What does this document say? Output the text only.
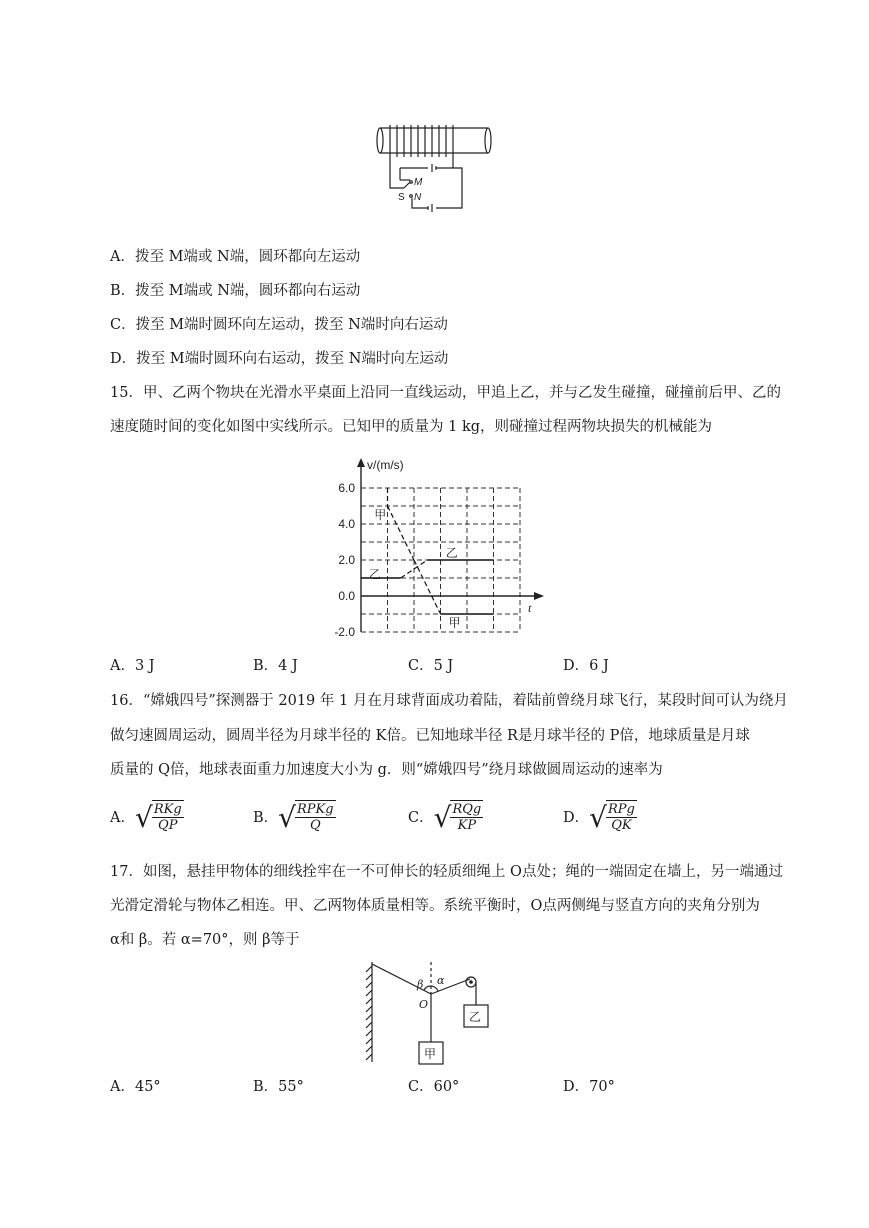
M
N
S
A．拨至 M端或 N端，圆环都向左运动
B．拨至 M端或 N端，圆环都向右运动
C．拨至 M端时圆环向左运动，拨至 N端时向右运动
D．拨至 M端时圆环向右运动，拨至 N端时向左运动
15．甲、乙两个物块在光滑水平桌面上沿同一直线运动，甲追上乙，并与乙发生碰撞，碰撞前后甲、乙的
速度随时间的变化如图中实线所示。已知甲的质量为 1 kg，则碰撞过程两物块损失的机械能为
6.0
4.0
2.0
0.0
-2.0
v/(m/s)
t
甲
乙
乙
甲
A．3 J	B．4 J	C．5 J	D．6 J
16．“嫦娥四号”探测器于 2019 年 1 月在月球背面成功着陆，着陆前曾绕月球飞行，某段时间可认为绕月
做匀速圆周运动，圆周半径为月球半径的 K倍。已知地球半径 R是月球半径的 P倍，地球质量是月球
质量的 Q倍，地球表面重力加速度大小为 g．则“嫦娥四号”绕月球做圆周运动的速率为
A． √ $\frac{\text{RKg}}{QP}$	B． √ $\frac{\text{RPKg}}{Q}$	C． √ $\frac{\text{RQg}}{KP}$	D． √ $\frac{\text{RPg}}{QK}$
17．如图，悬挂甲物体的细线拴牢在一不可伸长的轻质细绳上 O点处；绳的一端固定在墙上，另一端通过
光滑定滑轮与物体乙相连。甲、乙两物体质量相等。系统平衡时，O点两侧绳与竖直方向的夹角分别为
α和 β。若 α=70°，则 β等于
β α
O
甲
乙
A．45°	B．55°	C．60°	D．70°
